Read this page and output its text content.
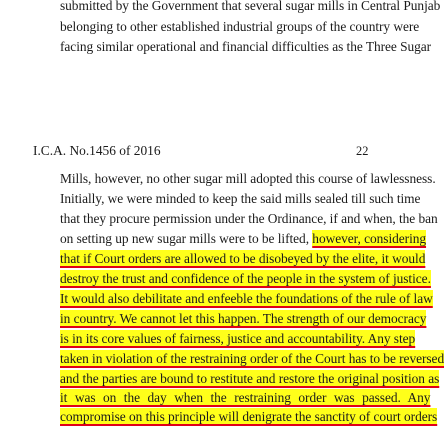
submitted by the Government that several sugar mills in Central Punjab
belonging to other established industrial groups of the country were
facing similar operational and financial difficulties as the Three Sugar
I.C.A. No.1456 of 2016	22
Mills, however, no other sugar mill adopted this course of lawlessness.
Initially, we were minded to keep the said mills sealed till such time
that they procure permission under the Ordinance, if and when, the ban
on setting up new sugar mills were to be lifted, however, considering
that if Court orders are allowed to be disobeyed by the elite, it would
destroy the trust and confidence of the people in the system of justice.
It would also debilitate and enfeeble the foundations of the rule of law
in country. We cannot let this happen. The strength of our democracy
is in its core values of fairness, justice and accountability. Any step
taken in violation of the restraining order of the Court has to be reversed
and the parties are bound to restitute and restore the original position as
it was on the day when the restraining order was passed. Any
compromise on this principle will denigrate the sanctity of court orders
